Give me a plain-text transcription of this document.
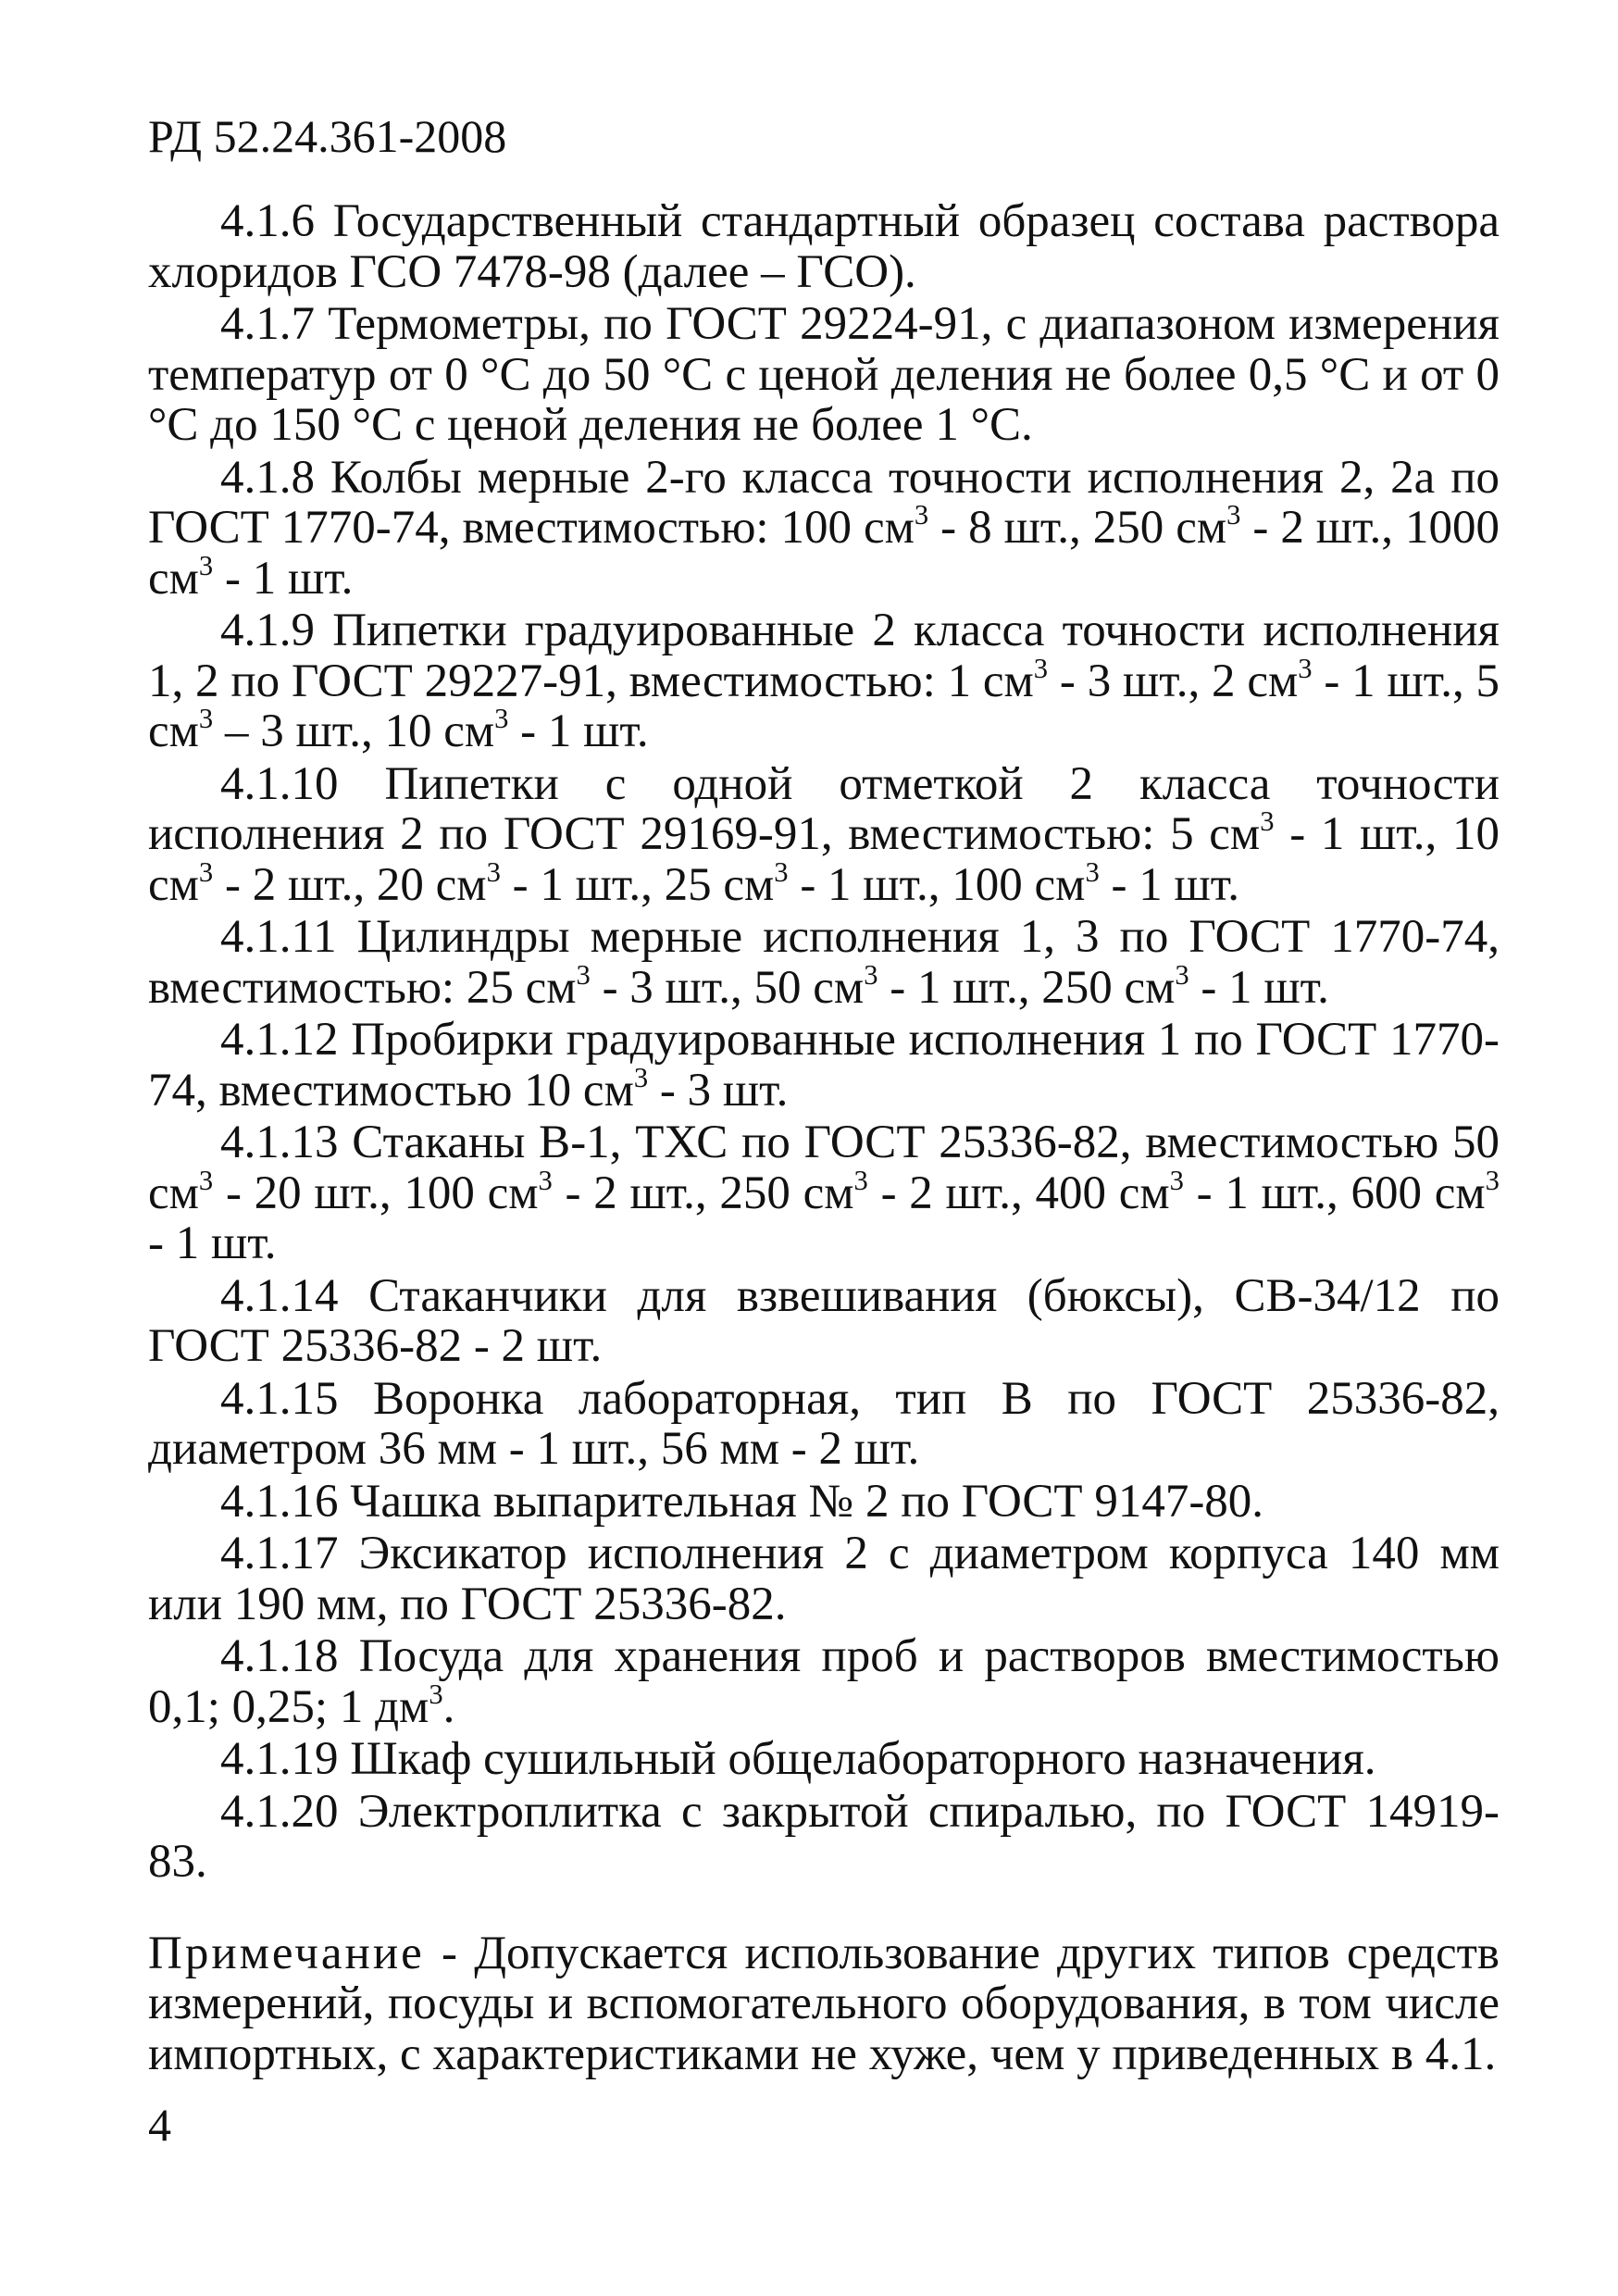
РД 52.24.361-2008
4.1.6 Государственный стандартный образец состава раствора хлоридов ГСО 7478-98 (далее – ГСО).
4.1.7 Термометры, по ГОСТ 29224-91, с диапазоном измерения температур от 0 °С до 50 °С с ценой деления не более 0,5 °С и от 0 °С до 150 °С с ценой деления не более 1 °С.
4.1.8 Колбы мерные 2-го класса точности исполнения 2, 2а по ГОСТ 1770-74, вместимостью: 100 $см^3 - 8$ шт., 250 $см^3 - 2$ шт., 1000 $см^3 - 1$ шт.
4.1.9 Пипетки градуированные 2 класса точности исполнения 1, 2 по ГОСТ 29227-91, вместимостью: 1 $см^3 - 3$ шт., 2 $см^3 - 1$ шт., 5 $см^3 - 3$ шт., 10 $см^3 - 1$ шт.
4.1.10 Пипетки с одной отметкой 2 класса точности исполнения 2 по ГОСТ 29169-91, вместимостью: 5 $см^3 - 1$ шт., 10 $см^3 - 2$ шт., 20 $см^3 - 1$ шт., 25 $см^3 - 1$ шт., 100 $см^3 - 1$ шт.
4.1.11 Цилиндры мерные исполнения 1, 3 по ГОСТ 1770-74, вместимостью: 25 $см^3 - 3$ шт., 50 $см^3 - 1$ шт., 250 $см^3 - 1$ шт.
4.1.12 Пробирки градуированные исполнения 1 по ГОСТ 1770-74, вместимостью 10 $см^3 - 3$ шт.
4.1.13 Стаканы В-1, ТХС по ГОСТ 25336-82, вместимостью 50 $см^3 - 20$ шт., 100 $см^3 - 2$ шт., 250 $см^3 - 2$ шт., 400 $см^3 - 1$ шт., 600 $см^3 - 1$ шт.
4.1.14 Стаканчики для взвешивания (бюксы), СВ-34/12 по ГОСТ 25336-82 - 2 шт.
4.1.15 Воронка лабораторная, тип В по ГОСТ 25336-82, диаметром 36 мм - 1 шт., 56 мм - 2 шт.
4.1.16 Чашка выпарительная № 2 по ГОСТ 9147-80.
4.1.17 Эксикатор исполнения 2 с диаметром корпуса 140 мм или 190 мм, по ГОСТ 25336-82.
4.1.18 Посуда для хранения проб и растворов вместимостью 0,1; 0,25; 1 $дм^3$.
4.1.19 Шкаф сушильный общелабораторного назначения.
4.1.20 Электроплитка с закрытой спиралью, по ГОСТ 14919-83.
Примечание - Допускается использование других типов средств измерений, посуды и вспомогательного оборудования, в том числе импортных, с характеристиками не хуже, чем у приведенных в 4.1.
4
